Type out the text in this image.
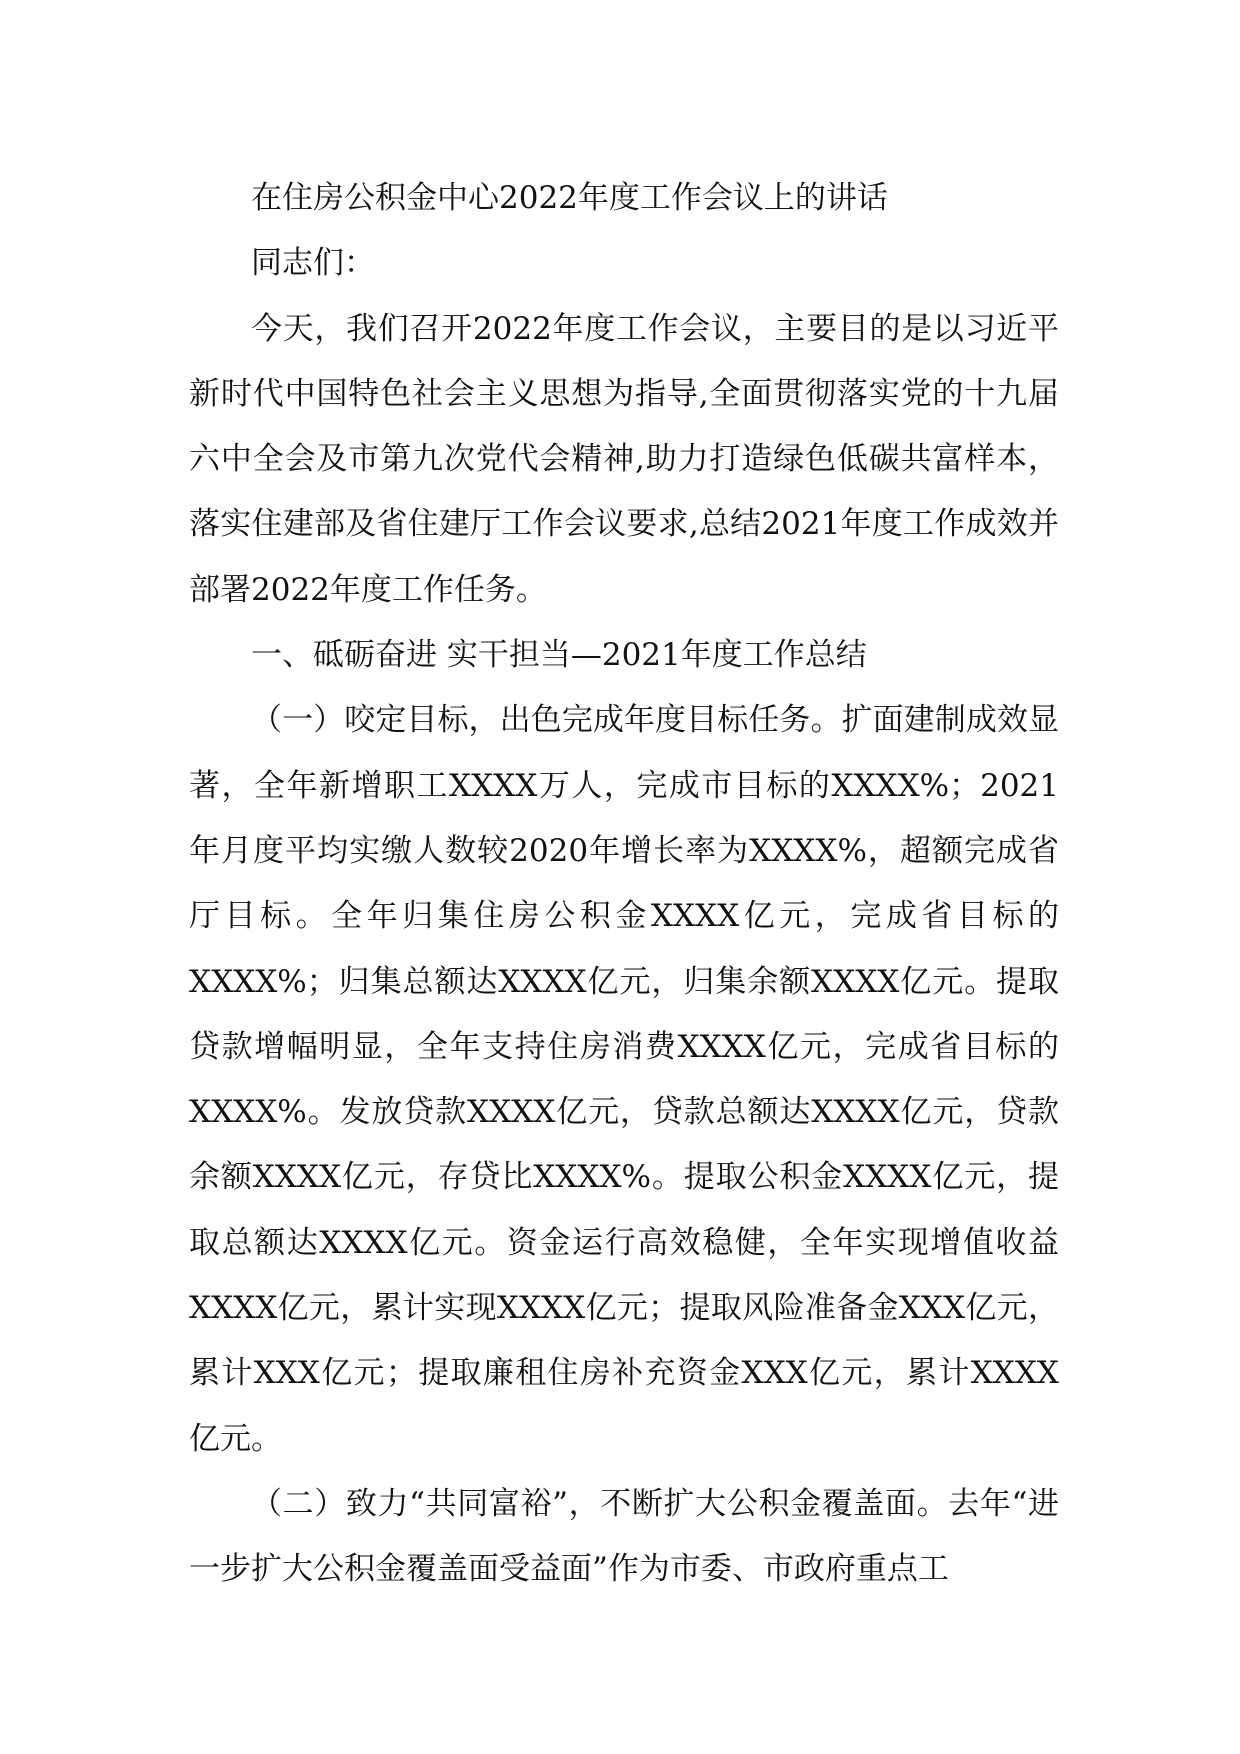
在住房公积金中心2022年度工作会议上的讲话

同志们：

今天，我们召开2022年度工作会议，主要目的是以习近平新时代中国特色社会主义思想为指导,全面贯彻落实党的十九届六中全会及市第九次党代会精神,助力打造绿色低碳共富样本，落实住建部及省住建厅工作会议要求,总结2021年度工作成效并部署2022年度工作任务。

一、砥砺奋进 实干担当—2021年度工作总结

（一）咬定目标，出色完成年度目标任务。扩面建制成效显著，全年新增职工XXXX万人，完成市目标的XXXX%；2021年月度平均实缴人数较2020年增长率为XXXX%，超额完成省厅目标。全年归集住房公积金XXXX亿元，完成省目标的XXXX%；归集总额达XXXX亿元，归集余额XXXX亿元。提取贷款增幅明显，全年支持住房消费XXXX亿元，完成省目标的XXXX%。发放贷款XXXX亿元，贷款总额达XXXX亿元，贷款余额XXXX亿元，存贷比XXXX%。提取公积金XXXX亿元，提取总额达XXXX亿元。资金运行高效稳健，全年实现增值收益XXXX亿元，累计实现XXXX亿元；提取风险准备金XXX亿元，累计XXX亿元；提取廉租住房补充资金XXX亿元，累计XXXX亿元。

（二）致力“共同富裕”，不断扩大公积金覆盖面。去年“进一步扩大公积金覆盖面受益面”作为市委、市政府重点工
